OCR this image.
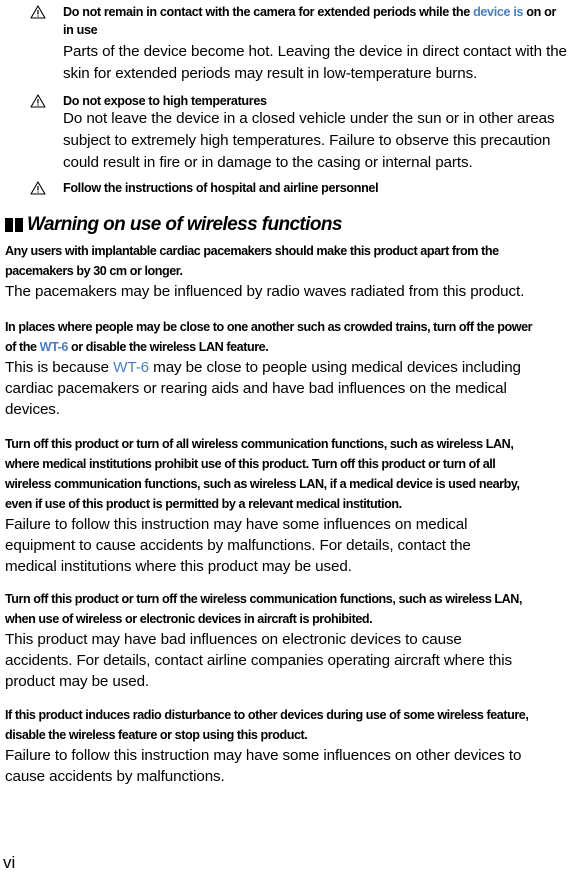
Do not remain in contact with the camera for extended periods while the device is on or
in use
Parts of the device become hot. Leaving the device in direct contact with the skin for extended periods may result in low-temperature burns.
Do not expose to high temperatures
Do not leave the device in a closed vehicle under the sun or in other areas subject to extremely high temperatures. Failure to observe this precaution could result in fire or in damage to the casing or internal parts.
Follow the instructions of hospital and airline personnel
Warning on use of wireless functions
Any users with implantable cardiac pacemakers should make this product apart from the
pacemakers by 30 cm or longer.
The pacemakers may be influenced by radio waves radiated from this product.
In places where people may be close to one another such as crowded trains, turn off the power
of the WT-6 or disable the wireless LAN feature.
This is because WT-6 may be close to people using medical devices including
cardiac pacemakers or rearing aids and have bad influences on the medical
devices.
Turn off this product or turn of all wireless communication functions, such as wireless LAN,
where medical institutions prohibit use of this product. Turn off this product or turn of all
wireless communication functions, such as wireless LAN, if a medical device is used nearby,
even if use of this product is permitted by a relevant medical institution.
Failure to follow this instruction may have some influences on medical
equipment to cause accidents by malfunctions. For details, contact the
medical institutions where this product may be used.
Turn off this product or turn off the wireless communication functions, such as wireless LAN,
when use of wireless or electronic devices in aircraft is prohibited.
This product may have bad influences on electronic devices to cause
accidents. For details, contact airline companies operating aircraft where this
product may be used.
If this product induces radio disturbance to other devices during use of some wireless feature,
disable the wireless feature or stop using this product.
Failure to follow this instruction may have some influences on other devices to
cause accidents by malfunctions.
vi
